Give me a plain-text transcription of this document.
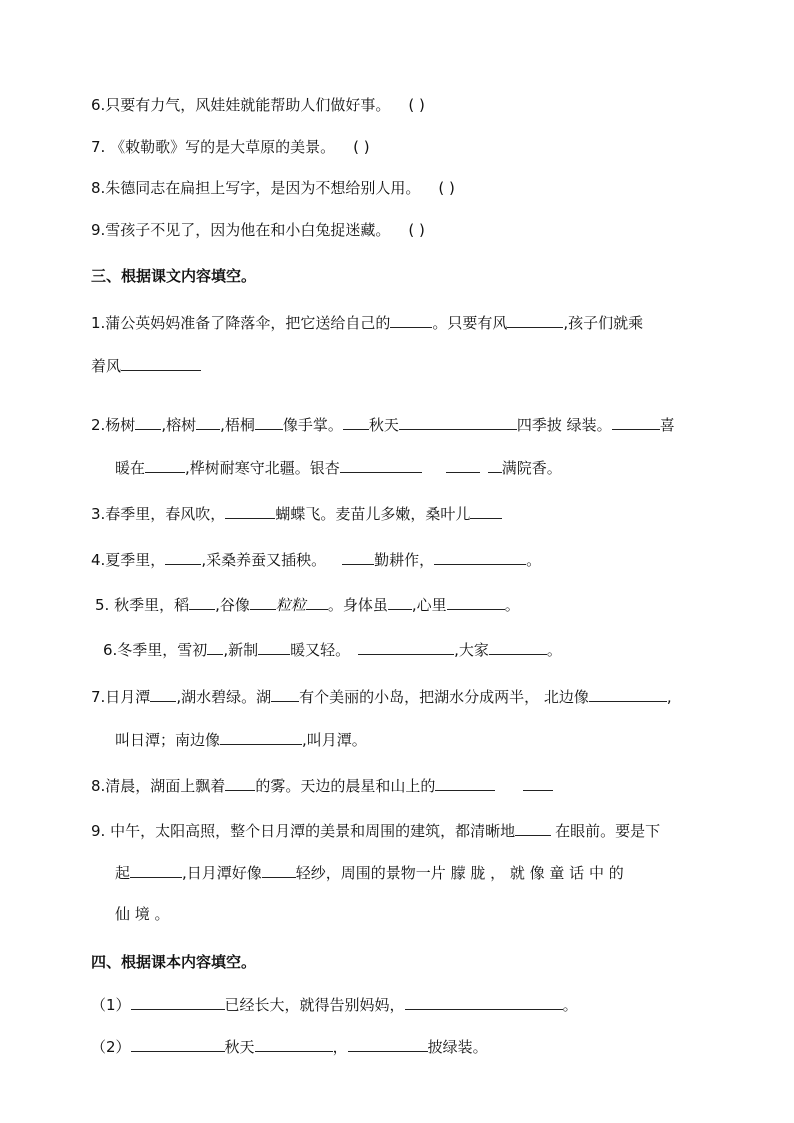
6.只要有力气，风娃娃就能帮助人们做好事。 ( )
7. 《敕勒歌》写的是大草原的美景。 ( )
8.朱德同志在扁担上写字，是因为不想给别人用。 ( )
9.雪孩子不见了，因为他在和小白兔捉迷藏。 ( )
三、根据课文内容填空。
1.蒲公英妈妈准备了降落伞，把它送给自己的	。只要有风	,孩子们就乘
着风
2.杨树 ,榕树 ,梧桐 像手掌。 秋天	四季披 绿装。	喜
暖在	,桦树耐寒守北疆。银杏	满院香。
3.春季里，春风吹，	蝴蝶飞。麦苗儿多嫩，桑叶儿
4.夏季里， ,采桑养蚕又插秧。	勤耕作，	。
5. 秋季里，稻 ,谷像 粒粒 。身体虽 ,心里	。
6.冬季里，雪初 ,新制 暖又轻。	,大家	。
7.日月潭 ,湖水碧绿。湖 有个美丽的小岛，把湖水分成两半， 北边像	,
叫日潭；南边像	,叫月潭。
8.清晨，湖面上飘着 的雾。天边的晨星和山上的
9. 中午，太阳高照，整个日月潭的美景和周围的建筑，都清晰地	在眼前。要是下
起	,日月潭好像 轻纱，周围的景物一片 朦 胧 ， 就 像 童 话 中 的
仙 境 。
四、根据课本内容填空。
（1）	已经长大，就得告别妈妈，	。
（2）	秋天	，	披绿装。
